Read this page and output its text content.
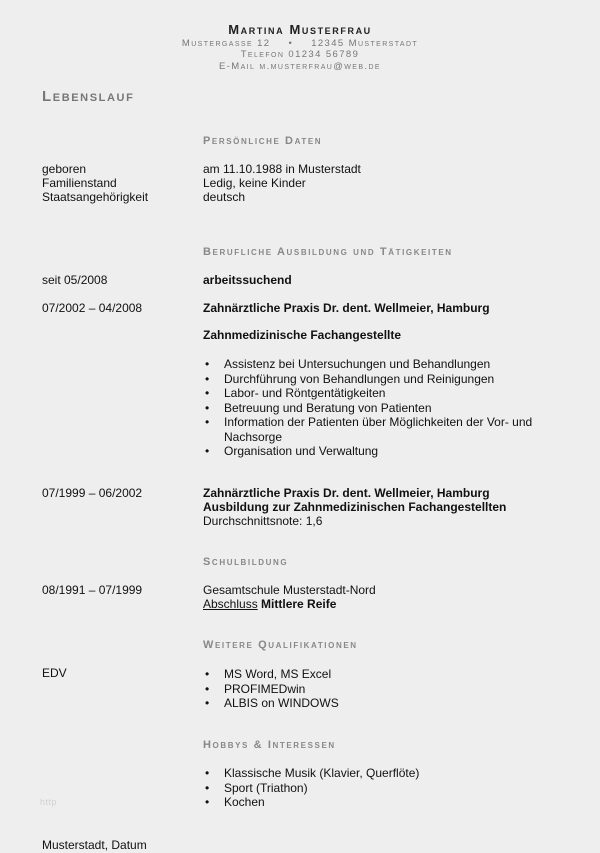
Martina Musterfrau
Mustergasse 12 • 12345 Musterstadt
Telefon 01234 56789
E-Mail m.musterfrau@web.de
Lebenslauf
Persönliche Daten
geboren	am 11.10.1988 in Musterstadt
Familienstand	Ledig, keine Kinder
Staatsangehörigkeit	deutsch
Berufliche Ausbildung und Tätigkeiten
seit 05/2008	arbeitssuchend
07/2002 – 04/2008	Zahnärztliche Praxis Dr. dent. Wellmeier, Hamburg
Zahnmedizinische Fachangestellte
• Assistenz bei Untersuchungen und Behandlungen
• Durchführung von Behandlungen und Reinigungen
• Labor- und Röntgentätigkeiten
• Betreuung und Beratung von Patienten
• Information der Patienten über Möglichkeiten der Vor- und Nachsorge
• Organisation und Verwaltung
07/1999 – 06/2002	Zahnärztliche Praxis Dr. dent. Wellmeier, Hamburg
Ausbildung zur Zahnmedizinischen Fachangestellten
Durchschnittsnote: 1,6
Schulbildung
08/1991 – 07/1999	Gesamtschule Musterstadt-Nord
Abschluss Mittlere Reife
Weitere Qualifikationen
EDV
•	MS Word, MS Excel
• PROFIMEDwin
• ALBIS on WINDOWS
Hobbys & Interessen
• Klassische Musik (Klavier, Querflöte)
• Sport (Triathon)
• Kochen
http
Musterstadt, Datum
